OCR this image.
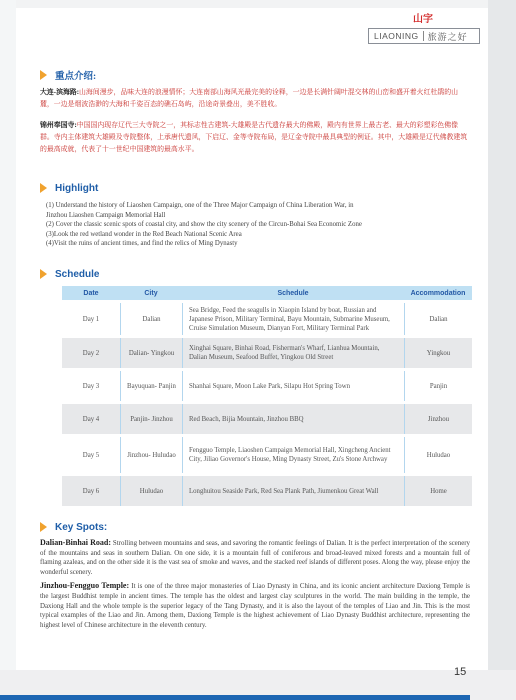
山字
LIAONING	旅游之好
重点介绍:

大连-滨海路:山海间漫步，品味大连的浪漫情怀；大连南部山海风光最完美的诠释，一边是长满针阔叶混交林的山峦和盛开着火红杜鹃的山麓，一边是烟波浩渺的大海和千姿百态的礁石岛屿，沿途奇景叠出，美不胜收。

锦州奉国寺:中国国内现存辽代三大寺院之一，其标志性古建筑-大雄殿是古代遗存最大的佛殿，殿内有世界上最古老、最大的彩塑彩色佛像群。寺内主体建筑大雄殿及寺院整体，上承唐代遗风，下启辽、金等寺院布局，是辽金寺院中最具典型的例证。其中，大雄殿是辽代佛教建筑的最高成就，代表了十一世纪中国建筑的最高水平。

Highlight
(1) Understand the history of Liaoshen Campaign, one of the Three Major Campaign of China Liberation War, in
Jinzhou Liaoshen Campaign Memorial Hall
(2) Cover the classic scenic spots of coastal city, and show the city scenery of the Circun-Bohai Sea Economic Zone
(3)Look the red wetland wonder in the Red Beach National Scenic Area
(4)Visit the ruins of ancient times, and find the relics of Ming Dynasty
Schedule
Date	City	Schedule	Accommodation

Day 1	Dalian	Sea Bridge, Feed the seagulls in Xiaopin Island by boat, Russian and Japanese Prison, Military Terminal, Bayu Mountain, Submarine Museum, Cruise Simulation Museum, Dianyan Fort, Military Terminal Park	Dalian

Day 2	Dalian- Yingkou	Xinghai Square, Binhai Road, Fisherman's Wharf, Lianhua Mountain, Dalian Museum, Seafood Buffet, Yingkou Old Street	Yingkou

Day 3	Bayuquan- Panjin	Shanhai Square, Moon Lake Park, Silapu Hot Spring Town	Panjin

Day 4	Panjin- Jinzhou	Red Beach, Bijia Mountain, Jinzhou BBQ	Jinzhou

Day 5	Jinzhou- Huludao	Fengguo Temple, Liaoshen Campaign Memorial Hall, Xingcheng Ancient City, Jiliao Governor's House, Ming Dynasty Street, Zu's Stone Archway	Huludao

Day 6	Huludao	Longhuitou Seaside Park, Red Sea Plank Path, Jiumenkou Great Wall	Home
Key Spots:

Dalian-Binhai Road: Strolling between mountains and seas, and savoring the romantic feelings of Dalian. It is the perfect interpretation of the scenery of the mountains and seas in southern Dalian. On one side, it is a mountain full of coniferous and broad-leaved mixed forests and a mountain full of flaming azaleas, and on the other side it is the vast sea of smoke and waves, and the stacked reef islands of different poses. Along the way, please enjoy the wonderful scenery.

Jinzhou-Fengguo Temple: It is one of the three major monasteries of Liao Dynasty in China, and its iconic ancient architecture Daxiong Temple is the largest Buddhist temple in ancient times. The temple has the oldest and largest clay sculptures in the world. The main building in the temple, the Daxiong Hall and the whole temple is the superior legacy of the Tang Dynasty, and it is also the layout of the temples of Liao and Jin. This is the most typical examples of the Liao and Jin. Among them, Daxiong Temple is the highest achievement of Liao Dynasty Buddhist architecture, representing the highest level of Chinese architecture in the eleventh century.

15
